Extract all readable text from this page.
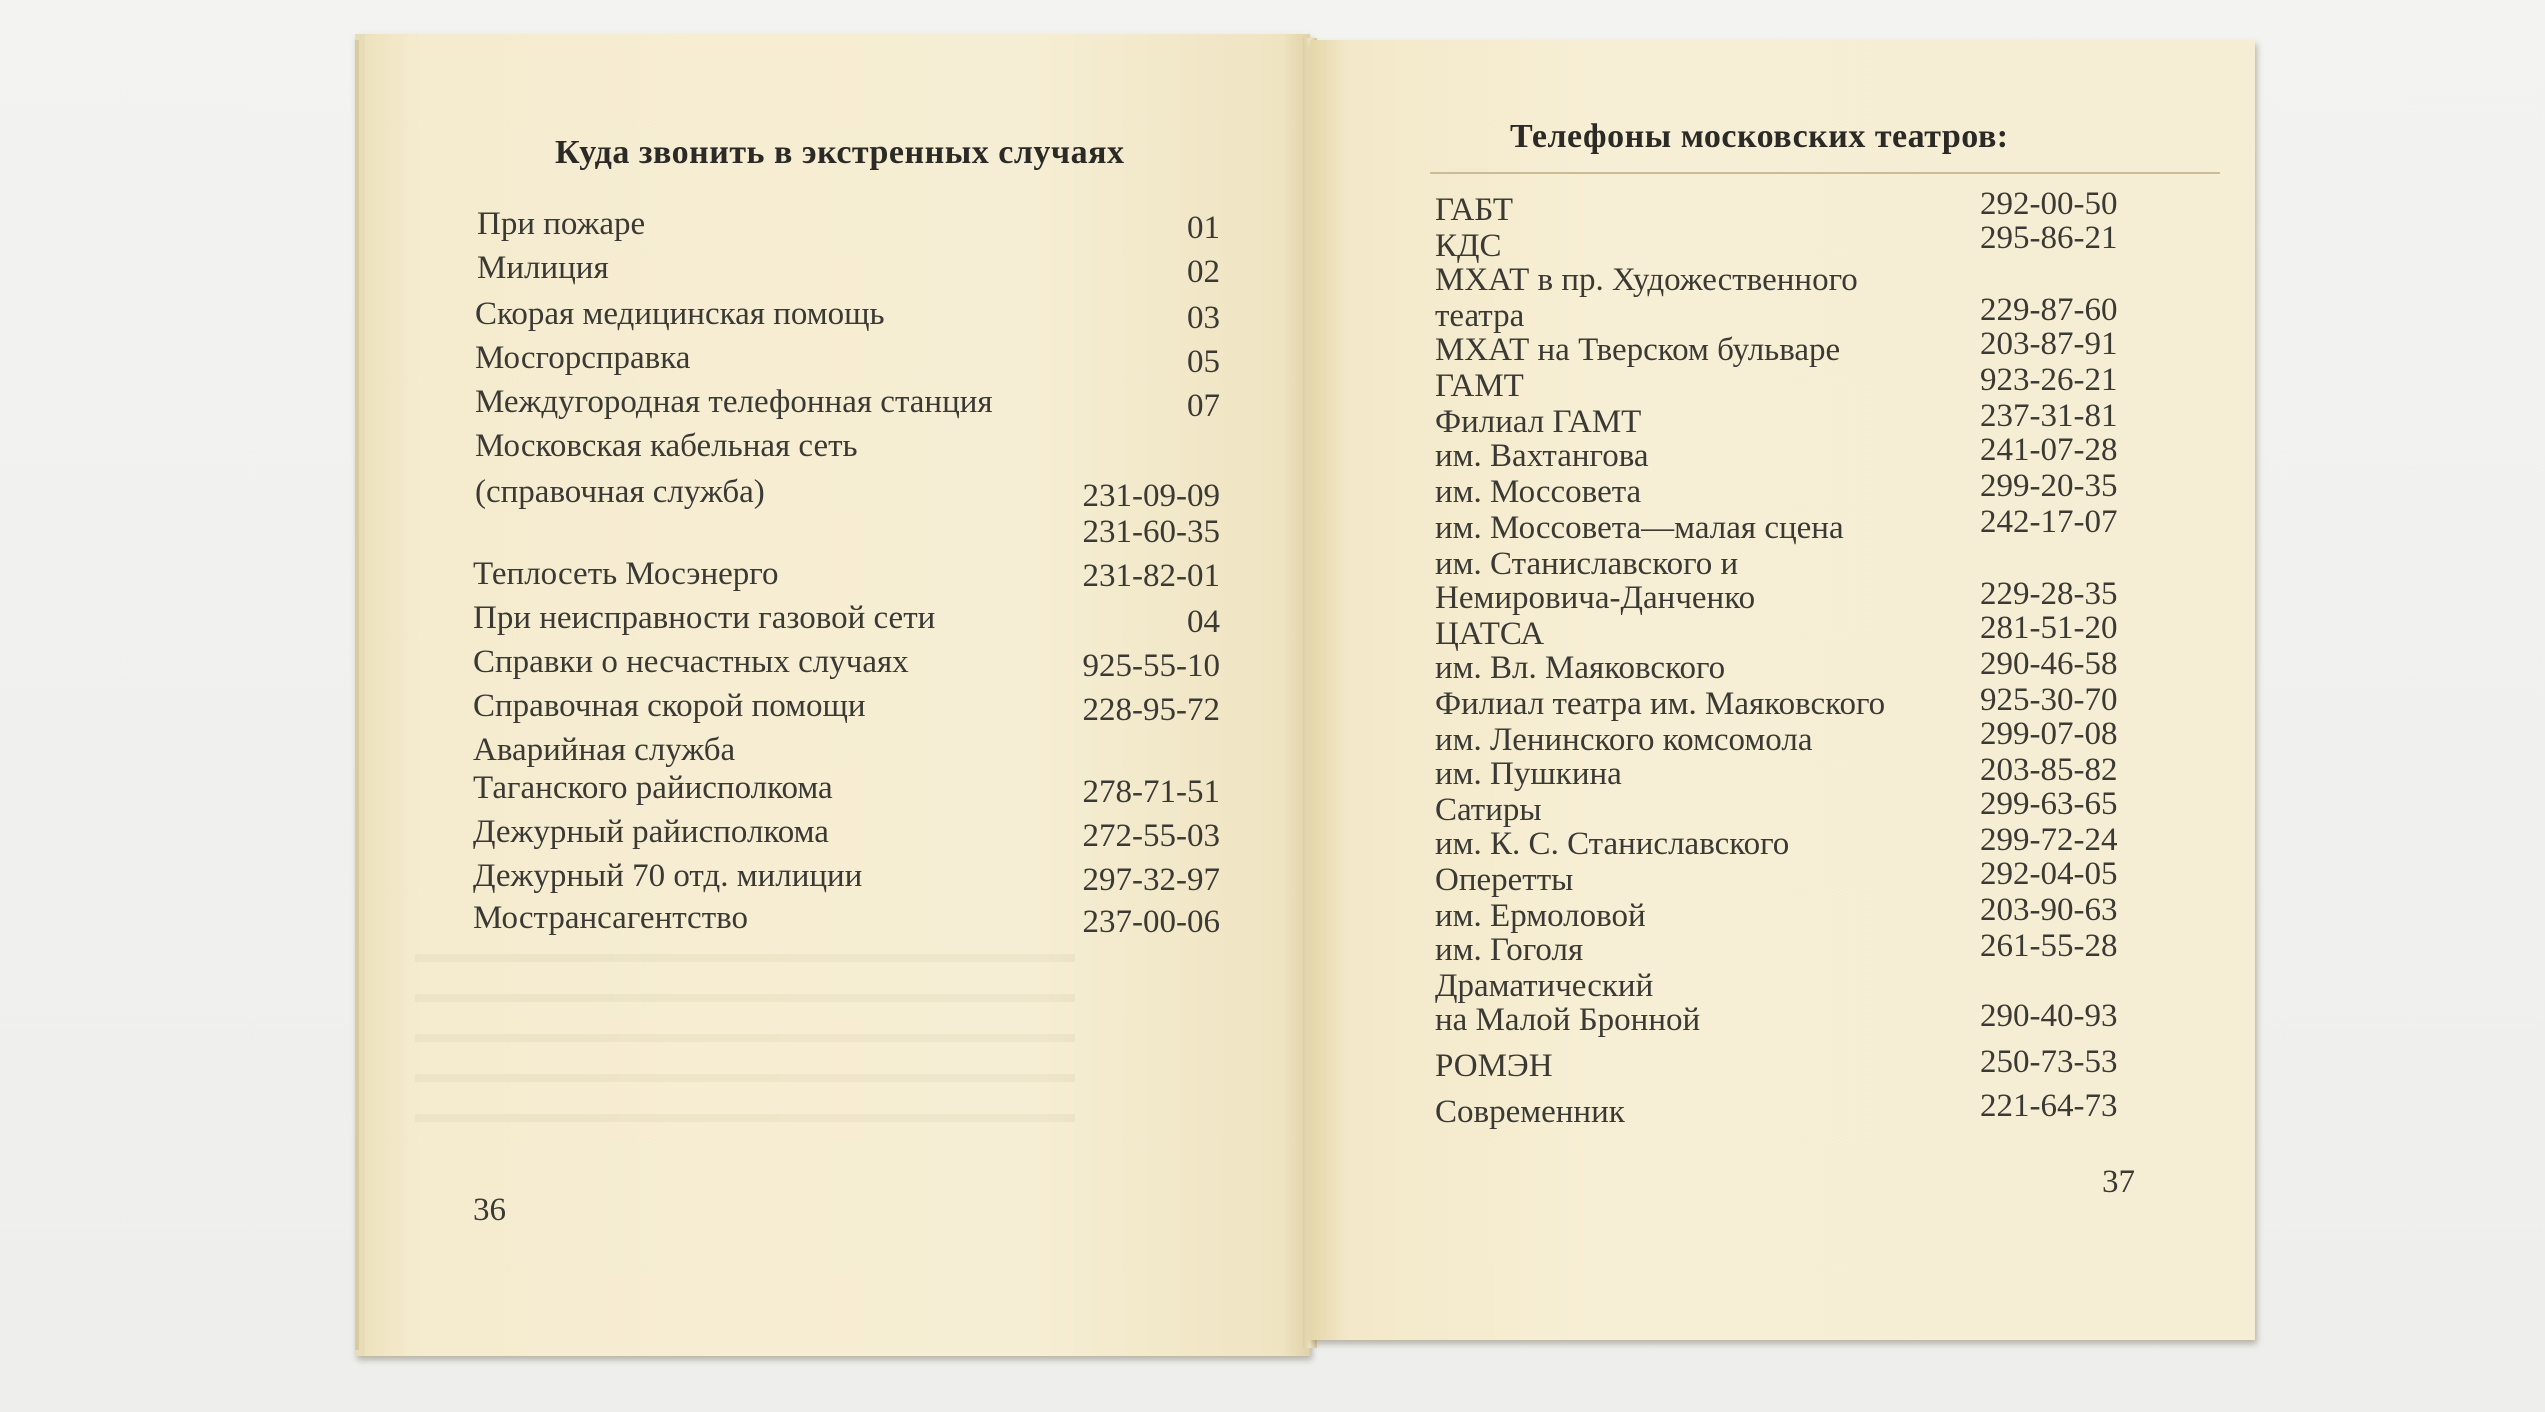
Куда звонить в экстренных случаях
При пожаре	01
Милиция	02
Скорая медицинская помощь	03
Мосгорсправка	05
Междугородная телефонная станция	07
Московская кабельная сеть
(справочная служба)	231-09-09
231-60-35
Теплосеть Мосэнерго	231-82-01
При неисправности газовой сети	04
Справки о несчастных случаях	925-55-10
Справочная скорой помощи	228-95-72
Аварийная служба
Таганского райисполкома	278-71-51
Дежурный райисполкома	272-55-03
Дежурный 70 отд. милиции	297-32-97
Мострансагентство	237-00-06
36
Телефоны московских театров:
ГАБТ	292-00-50
КДС	295-86-21
МХАТ в пр. Художественного
театра	229-87-60
МХАТ на Тверском бульваре	203-87-91
ГАМТ	923-26-21
Филиал ГАМТ	237-31-81
им. Вахтангова	241-07-28
им. Моссовета	299-20-35
им. Моссовета—малая сцена	242-17-07
им. Станиславского и
Немировича-Данченко	229-28-35
ЦАТСА	281-51-20
им. Вл. Маяковского	290-46-58
Филиал театра им. Маяковского	925-30-70
им. Ленинского комсомола	299-07-08
им. Пушкина	203-85-82
Сатиры	299-63-65
им. К. С. Станиславского	299-72-24
Оперетты	292-04-05
им. Ермоловой	203-90-63
им. Гоголя	261-55-28
Драматический
на Малой Бронной	290-40-93
РОМЭН	250-73-53
Современник	221-64-73
37
